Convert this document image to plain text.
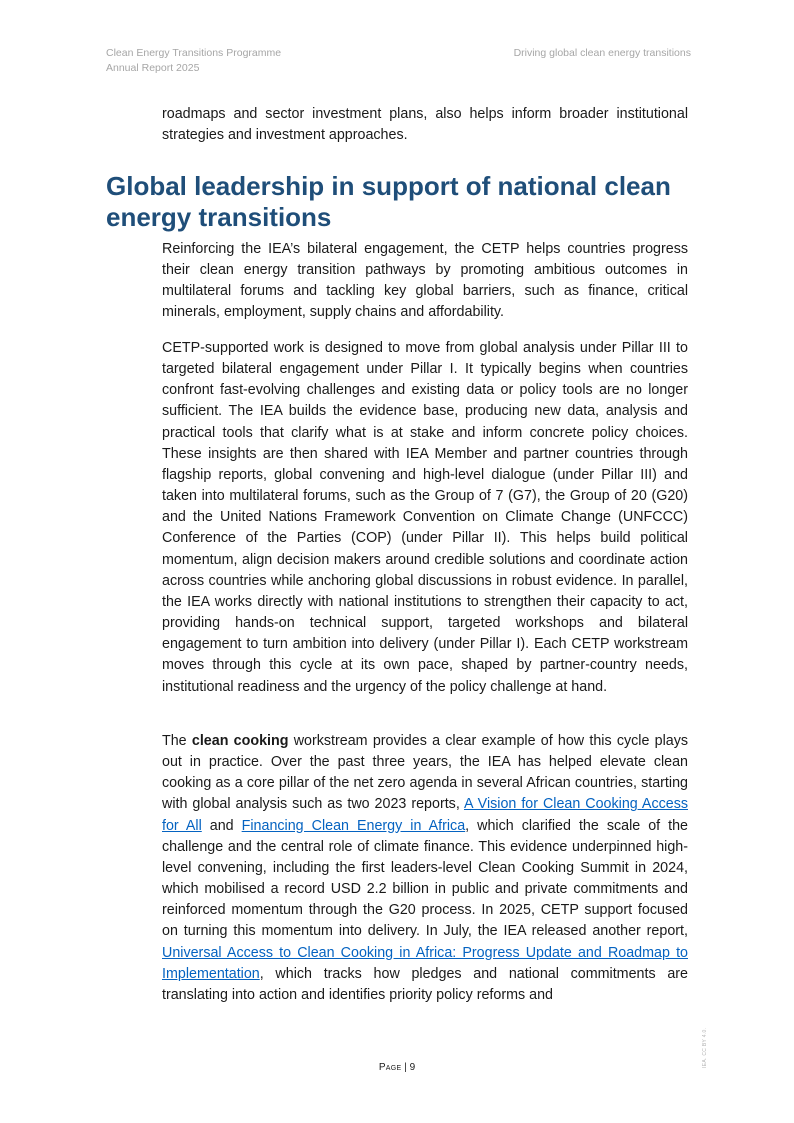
Clean Energy Transitions Programme
Annual Report 2025
Driving global clean energy transitions

roadmaps and sector investment plans, also helps inform broader institutional strategies and investment approaches.

Global leadership in support of national clean energy transitions

Reinforcing the IEA’s bilateral engagement, the CETP helps countries progress their clean energy transition pathways by promoting ambitious outcomes in multilateral forums and tackling key global barriers, such as finance, critical minerals, employment, supply chains and affordability.

CETP-supported work is designed to move from global analysis under Pillar III to targeted bilateral engagement under Pillar I. It typically begins when countries confront fast-evolving challenges and existing data or policy tools are no longer sufficient. The IEA builds the evidence base, producing new data, analysis and practical tools that clarify what is at stake and inform concrete policy choices. These insights are then shared with IEA Member and partner countries through flagship reports, global convening and high-level dialogue (under Pillar III) and taken into multilateral forums, such as the Group of 7 (G7), the Group of 20 (G20) and the United Nations Framework Convention on Climate Change (UNFCCC) Conference of the Parties (COP) (under Pillar II). This helps build political momentum, align decision makers around credible solutions and coordinate action across countries while anchoring global discussions in robust evidence. In parallel, the IEA works directly with national institutions to strengthen their capacity to act, providing hands-on technical support, targeted workshops and bilateral engagement to turn ambition into delivery (under Pillar I). Each CETP workstream moves through this cycle at its own pace, shaped by partner-country needs, institutional readiness and the urgency of the policy challenge at hand.

The clean cooking workstream provides a clear example of how this cycle plays out in practice. Over the past three years, the IEA has helped elevate clean cooking as a core pillar of the net zero agenda in several African countries, starting with global analysis such as two 2023 reports, A Vision for Clean Cooking Access for All and Financing Clean Energy in Africa, which clarified the scale of the challenge and the central role of climate finance. This evidence underpinned high-level convening, including the first leaders-level Clean Cooking Summit in 2024, which mobilised a record USD 2.2 billion in public and private commitments and reinforced momentum through the G20 process. In 2025, CETP support focused on turning this momentum into delivery. In July, the IEA released another report, Universal Access to Clean Cooking in Africa: Progress Update and Roadmap to Implementation, which tracks how pledges and national commitments are translating into action and identifies priority policy reforms and

Page | 9	IEA. CC BY 4.0.
